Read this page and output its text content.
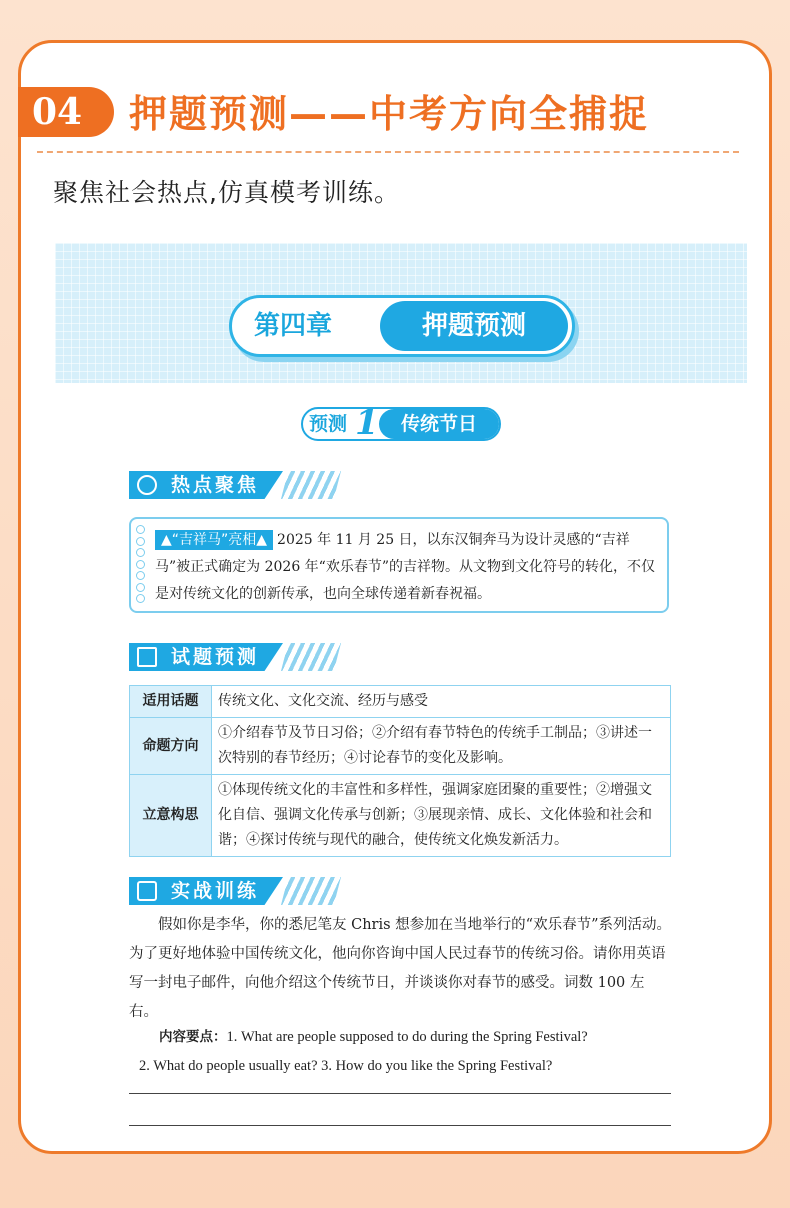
04	押题预测——中考方向全捕捉
聚焦社会热点,仿真模考训练。
第四章	押题预测
预测 1	传统节日
热点聚焦
▲“吉祥马”亮相▲ 2025 年 11 月 25 日，以东汉铜奔马为设计灵感的“吉祥马”被正式确定为 2026 年“欢乐春节”的吉祥物。从文物到文化符号的转化，不仅是对传统文化的创新传承，也向全球传递着新春祝福。
试题预测
适用话题	传统文化、文化交流、经历与感受
命题方向	①介绍春节及节日习俗；②介绍有春节特色的传统手工制品；③讲述一次特别的春节经历；④讨论春节的变化及影响。
立意构思	①体现传统文化的丰富性和多样性，强调家庭团聚的重要性；②增强文化自信、强调文化传承与创新；③展现亲情、成长、文化体验和社会和谐；④探讨传统与现代的融合，使传统文化焕发新活力。
实战训练
假如你是李华，你的悉尼笔友 Chris 想参加在当地举行的“欢乐春节”系列活动。为了更好地体验中国传统文化，他向你咨询中国人民过春节的传统习俗。请你用英语写一封电子邮件，向他介绍这个传统节日，并谈谈你对春节的感受。词数 100 左右。
内容要点：1. What are people supposed to do during the Spring Festival?
2. What do people usually eat? 3. How do you like the Spring Festival?
